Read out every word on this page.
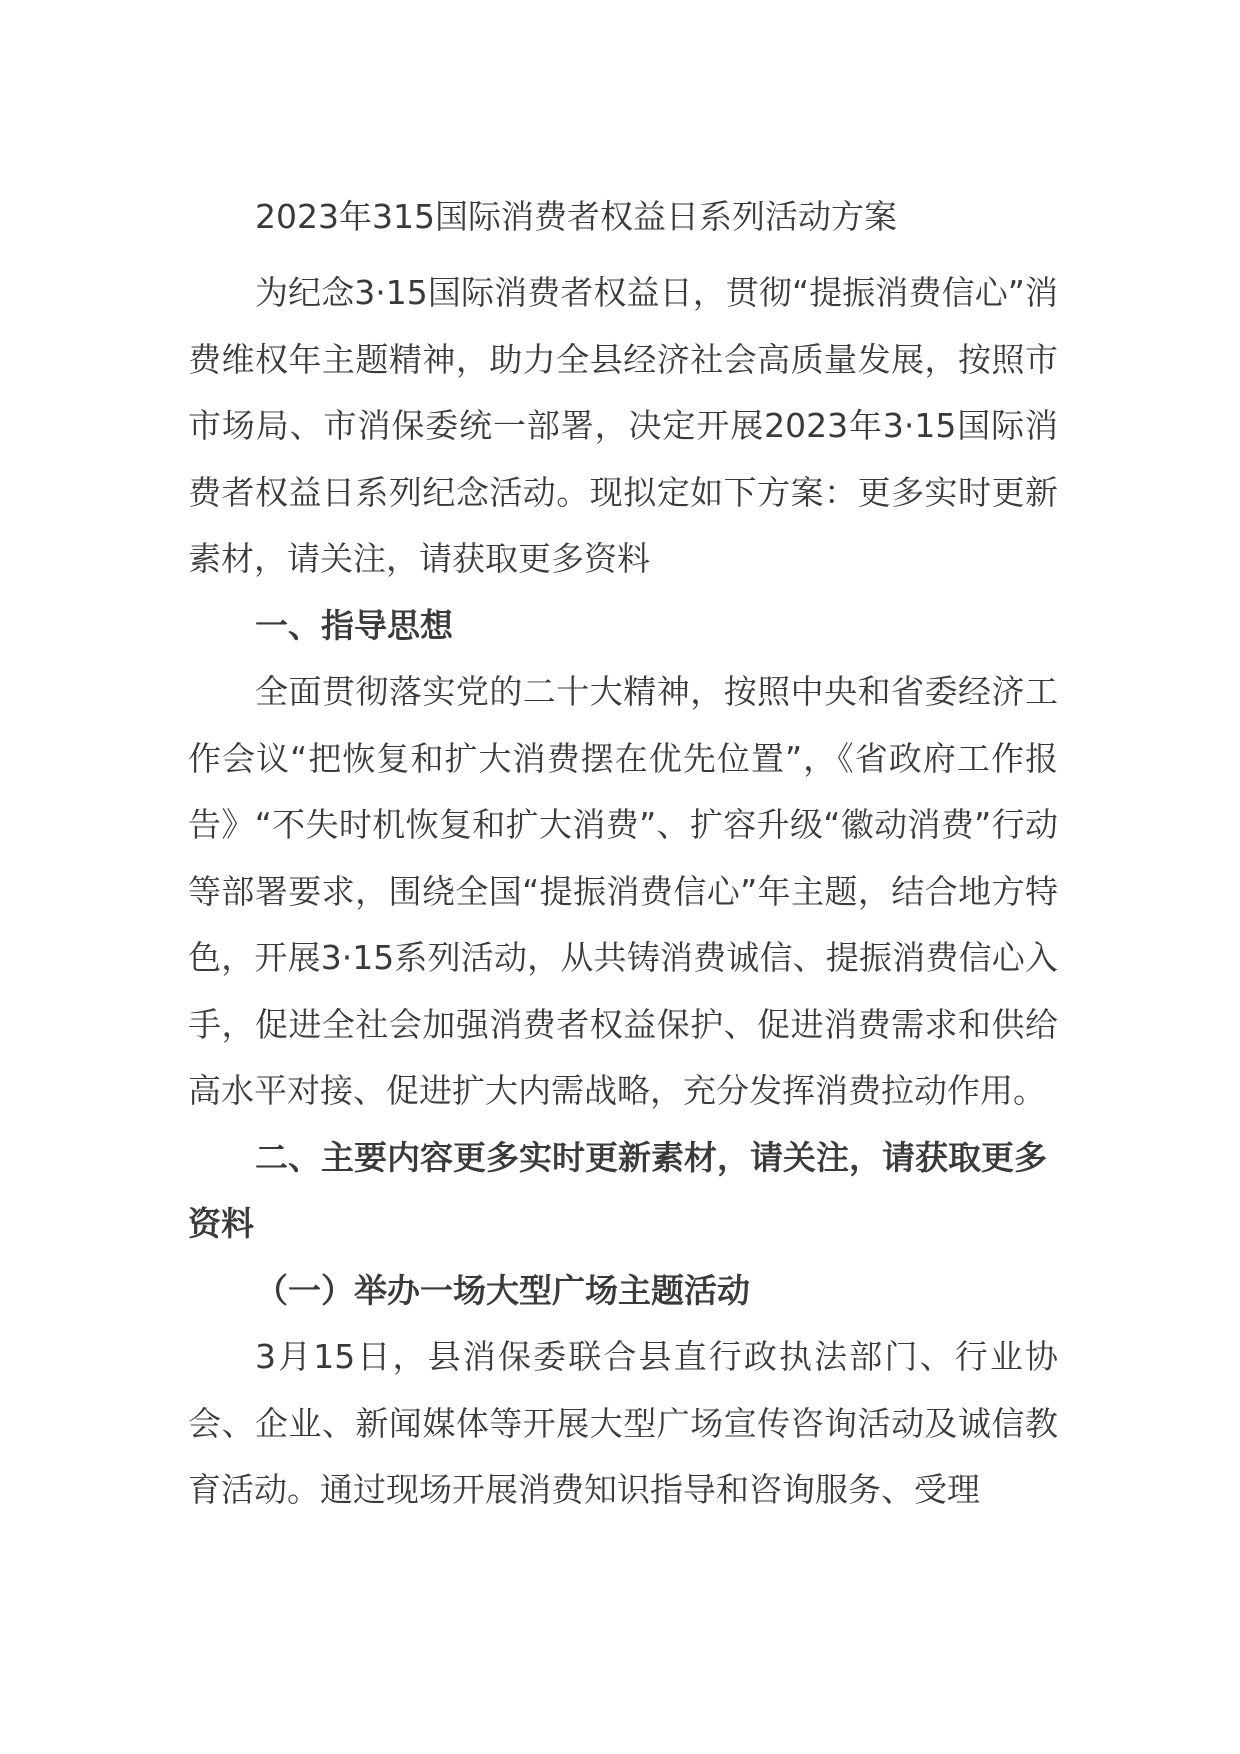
2023年315国际消费者权益日系列活动方案

为纪念3·15国际消费者权益日，贯彻“提振消费信心”消费维权年主题精神，助力全县经济社会高质量发展，按照市市场局、市消保委统一部署，决定开展2023年3·15国际消费者权益日系列纪念活动。现拟定如下方案：更多实时更新素材，请关注，请获取更多资料

一、指导思想

全面贯彻落实党的二十大精神，按照中央和省委经济工作会议“把恢复和扩大消费摆在优先位置”，《省政府工作报告》“不失时机恢复和扩大消费”、扩容升级“徽动消费”行动等部署要求，围绕全国“提振消费信心”年主题，结合地方特色，开展3·15系列活动，从共铸消费诚信、提振消费信心入手，促进全社会加强消费者权益保护、促进消费需求和供给高水平对接、促进扩大内需战略，充分发挥消费拉动作用。

二、主要内容更多实时更新素材，请关注，请获取更多资料
（一）举办一场大型广场主题活动

3月15日，县消保委联合县直行政执法部门、行业协会、企业、新闻媒体等开展大型广场宣传咨询活动及诚信教育活动。通过现场开展消费知识指导和咨询服务、受理
